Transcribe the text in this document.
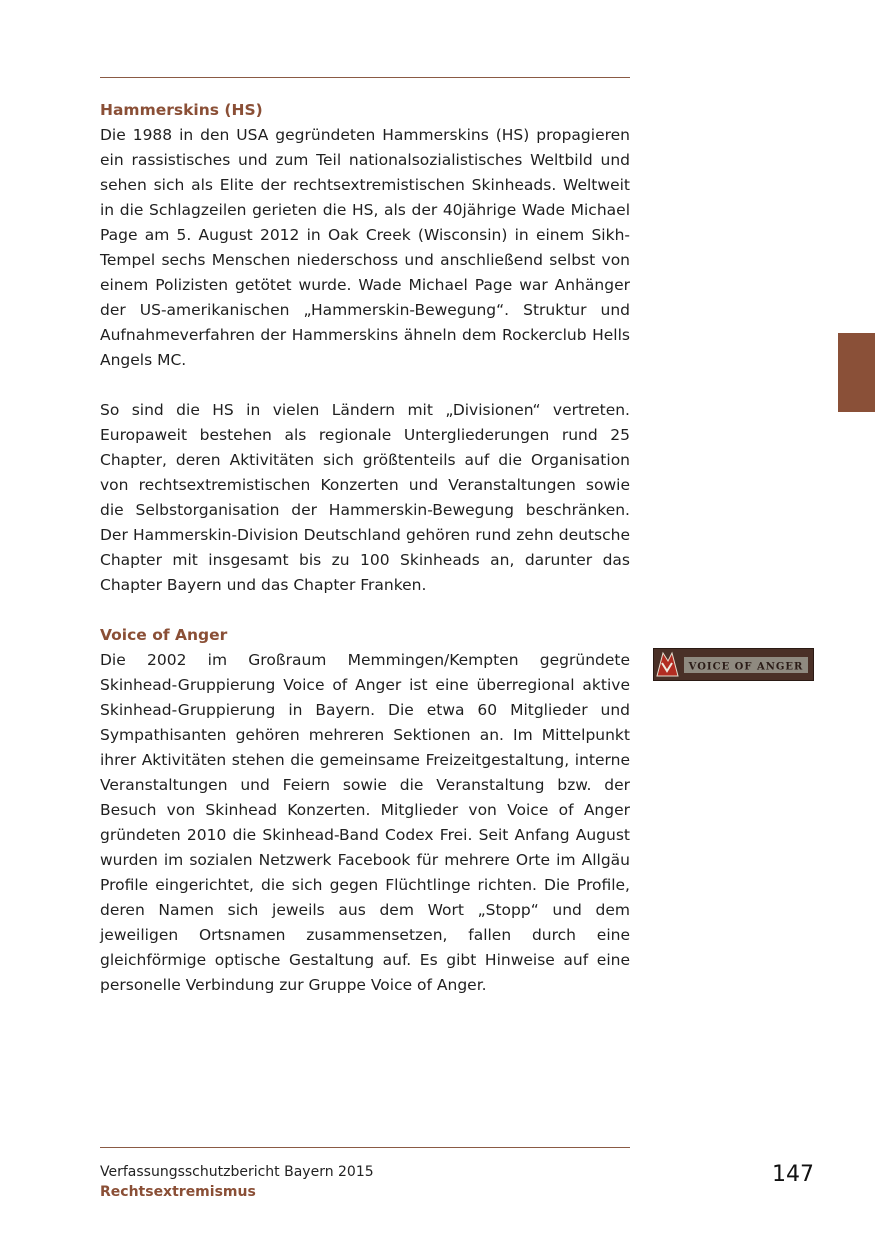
Hammerskins (HS)

Die 1988 in den USA gegründeten Hammerskins (HS) propagieren ein rassistisches und zum Teil nationalsozialistisches Weltbild und sehen sich als Elite der rechtsextremistischen Skinheads. Weltweit in die Schlagzeilen gerieten die HS, als der 40jährige Wade Michael Page am 5. August 2012 in Oak Creek (Wisconsin) in einem Sikh-Tempel sechs Menschen niederschoss und anschließend selbst von einem Polizisten getötet wurde. Wade Michael Page war Anhänger der US-amerikanischen „Hammerskin-Bewegung“. Struktur und Aufnahmeverfahren der Hammerskins ähneln dem Rockerclub Hells Angels MC.

So sind die HS in vielen Ländern mit „Divisionen“ vertreten. Europaweit bestehen als regionale Untergliederungen rund 25 Chapter, deren Aktivitäten sich größtenteils auf die Organisation von rechtsextremistischen Konzerten und Veranstaltungen sowie die Selbstorganisation der Hammerskin-Bewegung beschränken. Der Hammerskin-Division Deutschland gehören rund zehn deutsche Chapter mit insgesamt bis zu 100 Skinheads an, darunter das Chapter Bayern und das Chapter Franken.

Voice of Anger

Die 2002 im Großraum Memmingen/Kempten gegründete Skinhead-Gruppierung Voice of Anger ist eine überregional aktive Skinhead-Gruppierung in Bayern. Die etwa 60 Mitglieder und Sympathisanten gehören mehreren Sektionen an. Im Mittelpunkt ihrer Aktivitäten stehen die gemeinsame Freizeitgestaltung, interne Veranstaltungen und Feiern sowie die Veranstaltung bzw. der Besuch von Skinhead Konzerten. Mitglieder von Voice of Anger gründeten 2010 die Skinhead-Band Codex Frei. Seit Anfang August wurden im sozialen Netzwerk Facebook für mehrere Orte im Allgäu Profile eingerichtet, die sich gegen Flüchtlinge richten. Die Profile, deren Namen sich jeweils aus dem Wort „Stopp“ und dem jeweiligen Ortsnamen zusammensetzen, fallen durch eine gleichförmige optische Gestaltung auf. Es gibt Hinweise auf eine personelle Verbindung zur Gruppe Voice of Anger.

VOICE OF ANGER
Verfassungsschutzbericht Bayern 2015
Rechtsextremismus
147
